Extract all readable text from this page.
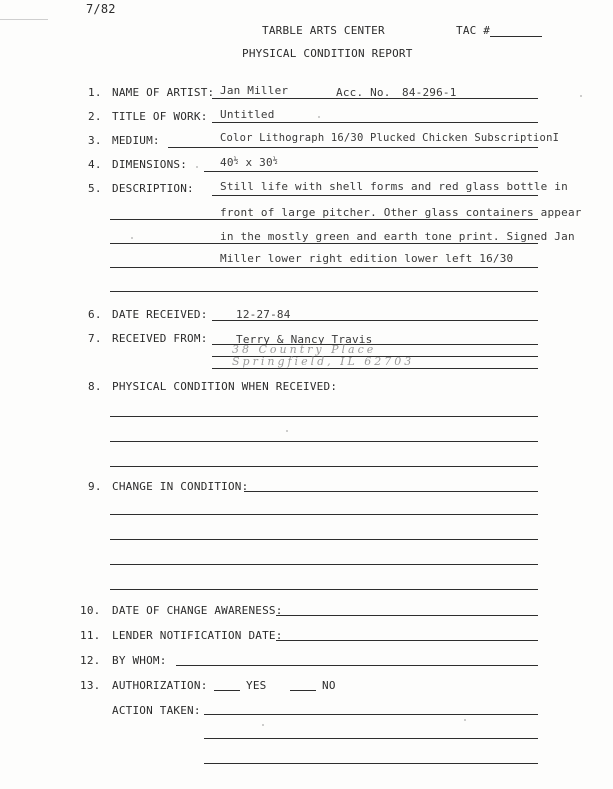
7/82
TARBLE ARTS CENTER	TAC #
PHYSICAL CONDITION REPORT
1. NAME OF ARTIST: Jan Miller	Acc. No. 84-296-1
2. TITLE OF WORK: Untitled
3. MEDIUM:	Color Lithograph 16/30 Plucked Chicken SubscriptionI
4. DIMENSIONS:	$40^{\frac{1}{2}}$ x $30^{\frac{1}{2}}$
5. DESCRIPTION: Still life with shell forms and red glass bottle in
front of large pitcher. Other glass containers appear
in the mostly green and earth tone print. Signed Jan
Miller lower right edition lower left 16/30
6. DATE RECEIVED:	12-27-84
7. RECEIVED FROM:	Terry & Nancy Travis
38 Country Place
Springfield, IL 62703
8. PHYSICAL CONDITION WHEN RECEIVED:
9. CHANGE IN CONDITION:
10. DATE OF CHANGE AWARENESS:
11. LENDER NOTIFICATION DATE:
12. BY WHOM:
13. AUTHORIZATION:	YES	NO
ACTION TAKEN:
